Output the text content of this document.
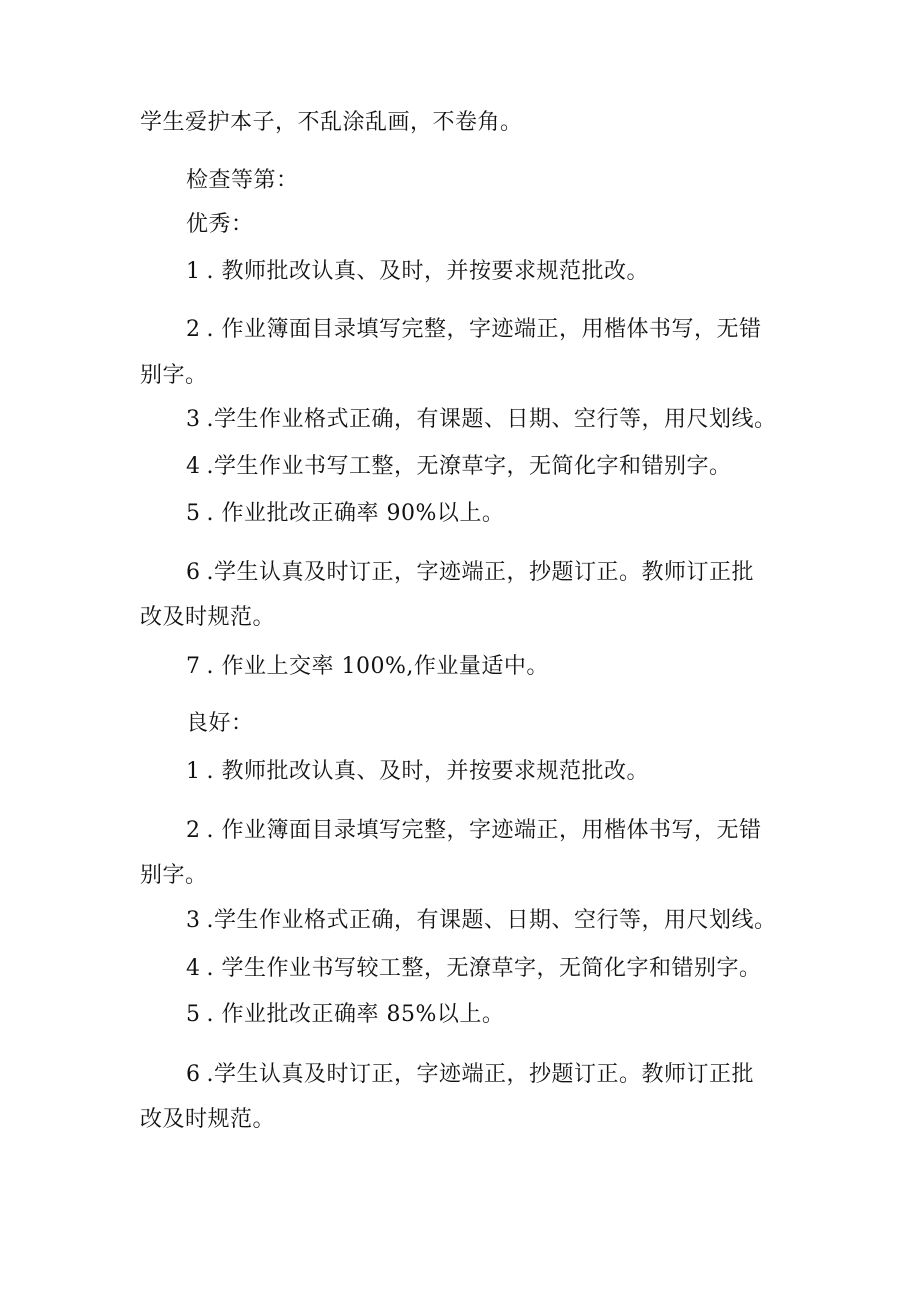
学生爱护本子，不乱涂乱画，不卷角。
检查等第：
优秀：
1 . 教师批改认真、及时，并按要求规范批改。
2 . 作业簿面目录填写完整，字迹端正，用楷体书写，无错
别字。
3 .学生作业格式正确，有课题、日期、空行等，用尺划线。
4 .学生作业书写工整，无潦草字，无简化字和错别字。
5 . 作业批改正确率 90%以上。
6 .学生认真及时订正，字迹端正，抄题订正。教师订正批
改及时规范。
7 . 作业上交率 100%,作业量适中。
良好：
1 . 教师批改认真、及时，并按要求规范批改。
2 . 作业簿面目录填写完整，字迹端正，用楷体书写，无错
别字。
3 .学生作业格式正确，有课题、日期、空行等，用尺划线。
4 . 学生作业书写较工整，无潦草字，无简化字和错别字。
5 . 作业批改正确率 85%以上。
6 .学生认真及时订正，字迹端正，抄题订正。教师订正批
改及时规范。
